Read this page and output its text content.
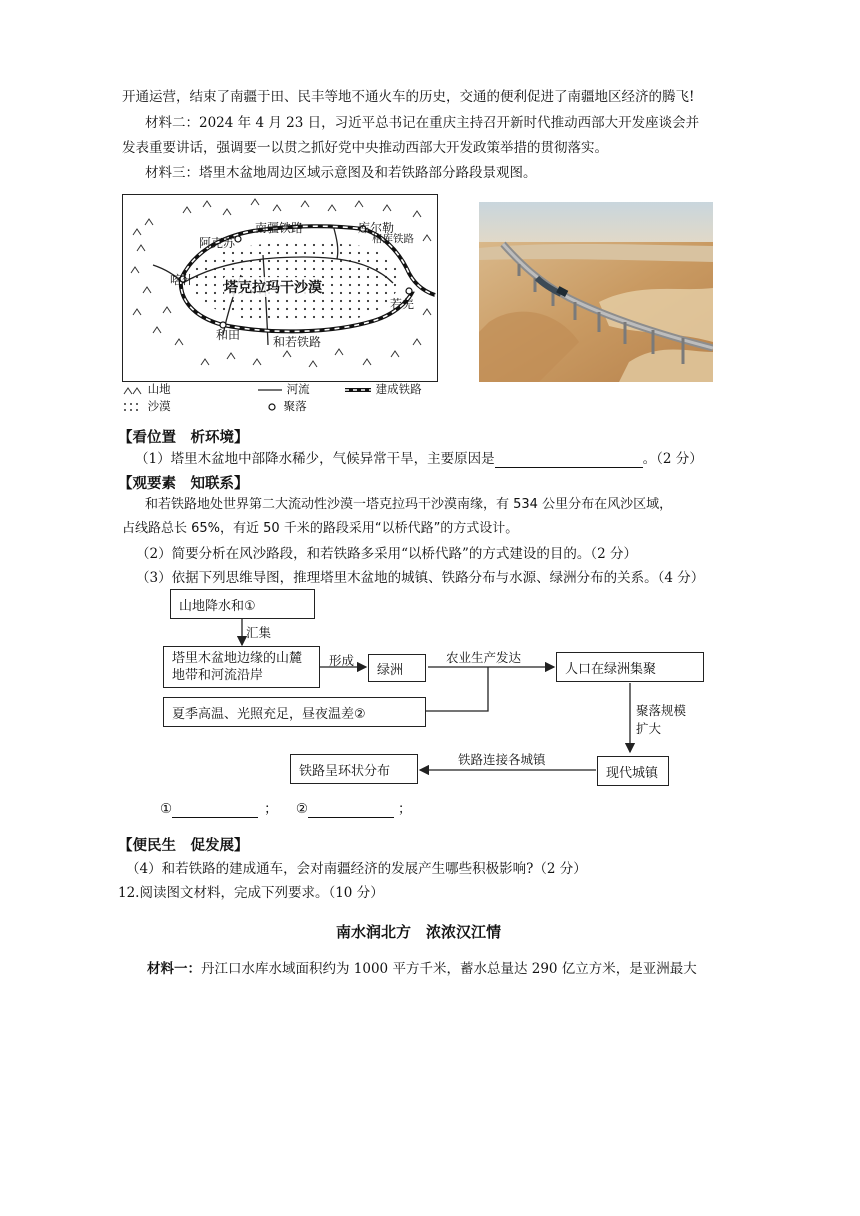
开通运营，结束了南疆于田、民丰等地不通火车的历史，交通的便利促进了南疆地区经济的腾飞!
材料二：2024 年 4 月 23 日，习近平总书记在重庆主持召开新时代推动西部大开发座谈会并
发表重要讲话，强调要一以贯之抓好党中央推动西部大开发政策举措的贯彻落实。
材料三：塔里木盆地周边区域示意图及和若铁路部分路段景观图。
南疆铁路	库尔勒
格库铁路
阿克苏
喀什 塔克拉玛干沙漠
若羌
和田	和若铁路
山地	河流	建成铁路
沙漠	聚落
【看位置　析环境】
（1）塔里木盆地中部降水稀少，气候异常干旱，主要原因是	。（2 分）
【观要素　知联系】
和若铁路地处世界第二大流动性沙漠一塔克拉玛干沙漠南缘，有 534 公里分布在风沙区域，
占线路总长 65%，有近 50 千米的路段采用“以桥代路”的方式设计。
（2）简要分析在风沙路段，和若铁路多采用“以桥代路”的方式建设的目的。（2 分）
（3）依据下列思维导图，推理塔里木盆地的城镇、铁路分布与水源、绿洲分布的关系。（4 分）
山地降水和①
汇集
塔里木盆地边缘的山麓
地带和河流沿岸
形成
绿洲
农业生产发达
人口在绿洲集聚
夏季高温、光照充足，昼夜温差②	聚落规模
扩大
现代城镇
铁路连接各城镇
铁路呈环状分布
①	； ②	；
【便民生　促发展】
（4）和若铁路的建成通车，会对南疆经济的发展产生哪些积极影响?（2 分）
12.阅读图文材料，完成下列要求。（10 分）
南水润北方　浓浓汉江情
材料一：丹江口水库水域面积约为 1000 平方千米，蓄水总量达 290 亿立方米，是亚洲最大
